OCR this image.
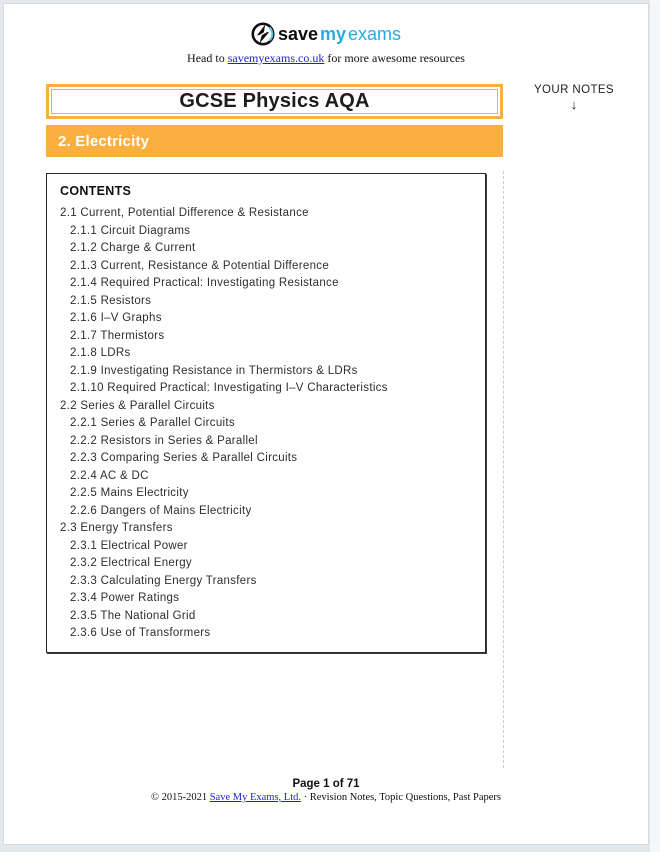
save my exams
Head to savemyexams.co.uk for more awesome resources
GCSE Physics AQA
2. Electricity
YOUR NOTES
↓
CONTENTS
2.1 Current, Potential Difference & Resistance
2.1.1 Circuit Diagrams
2.1.2 Charge & Current
2.1.3 Current, Resistance & Potential Difference
2.1.4 Required Practical: Investigating Resistance
2.1.5 Resistors
2.1.6 I–V Graphs
2.1.7 Thermistors
2.1.8 LDRs
2.1.9 Investigating Resistance in Thermistors & LDRs
2.1.10 Required Practical: Investigating I–V Characteristics
2.2 Series & Parallel Circuits
2.2.1 Series & Parallel Circuits
2.2.2 Resistors in Series & Parallel
2.2.3 Comparing Series & Parallel Circuits
2.2.4 AC & DC
2.2.5 Mains Electricity
2.2.6 Dangers of Mains Electricity
2.3 Energy Transfers
2.3.1 Electrical Power
2.3.2 Electrical Energy
2.3.3 Calculating Energy Transfers
2.3.4 Power Ratings
2.3.5 The National Grid
2.3.6 Use of Transformers
Page 1 of 71
© 2015-2021 Save My Exams, Ltd. · Revision Notes, Topic Questions, Past Papers
